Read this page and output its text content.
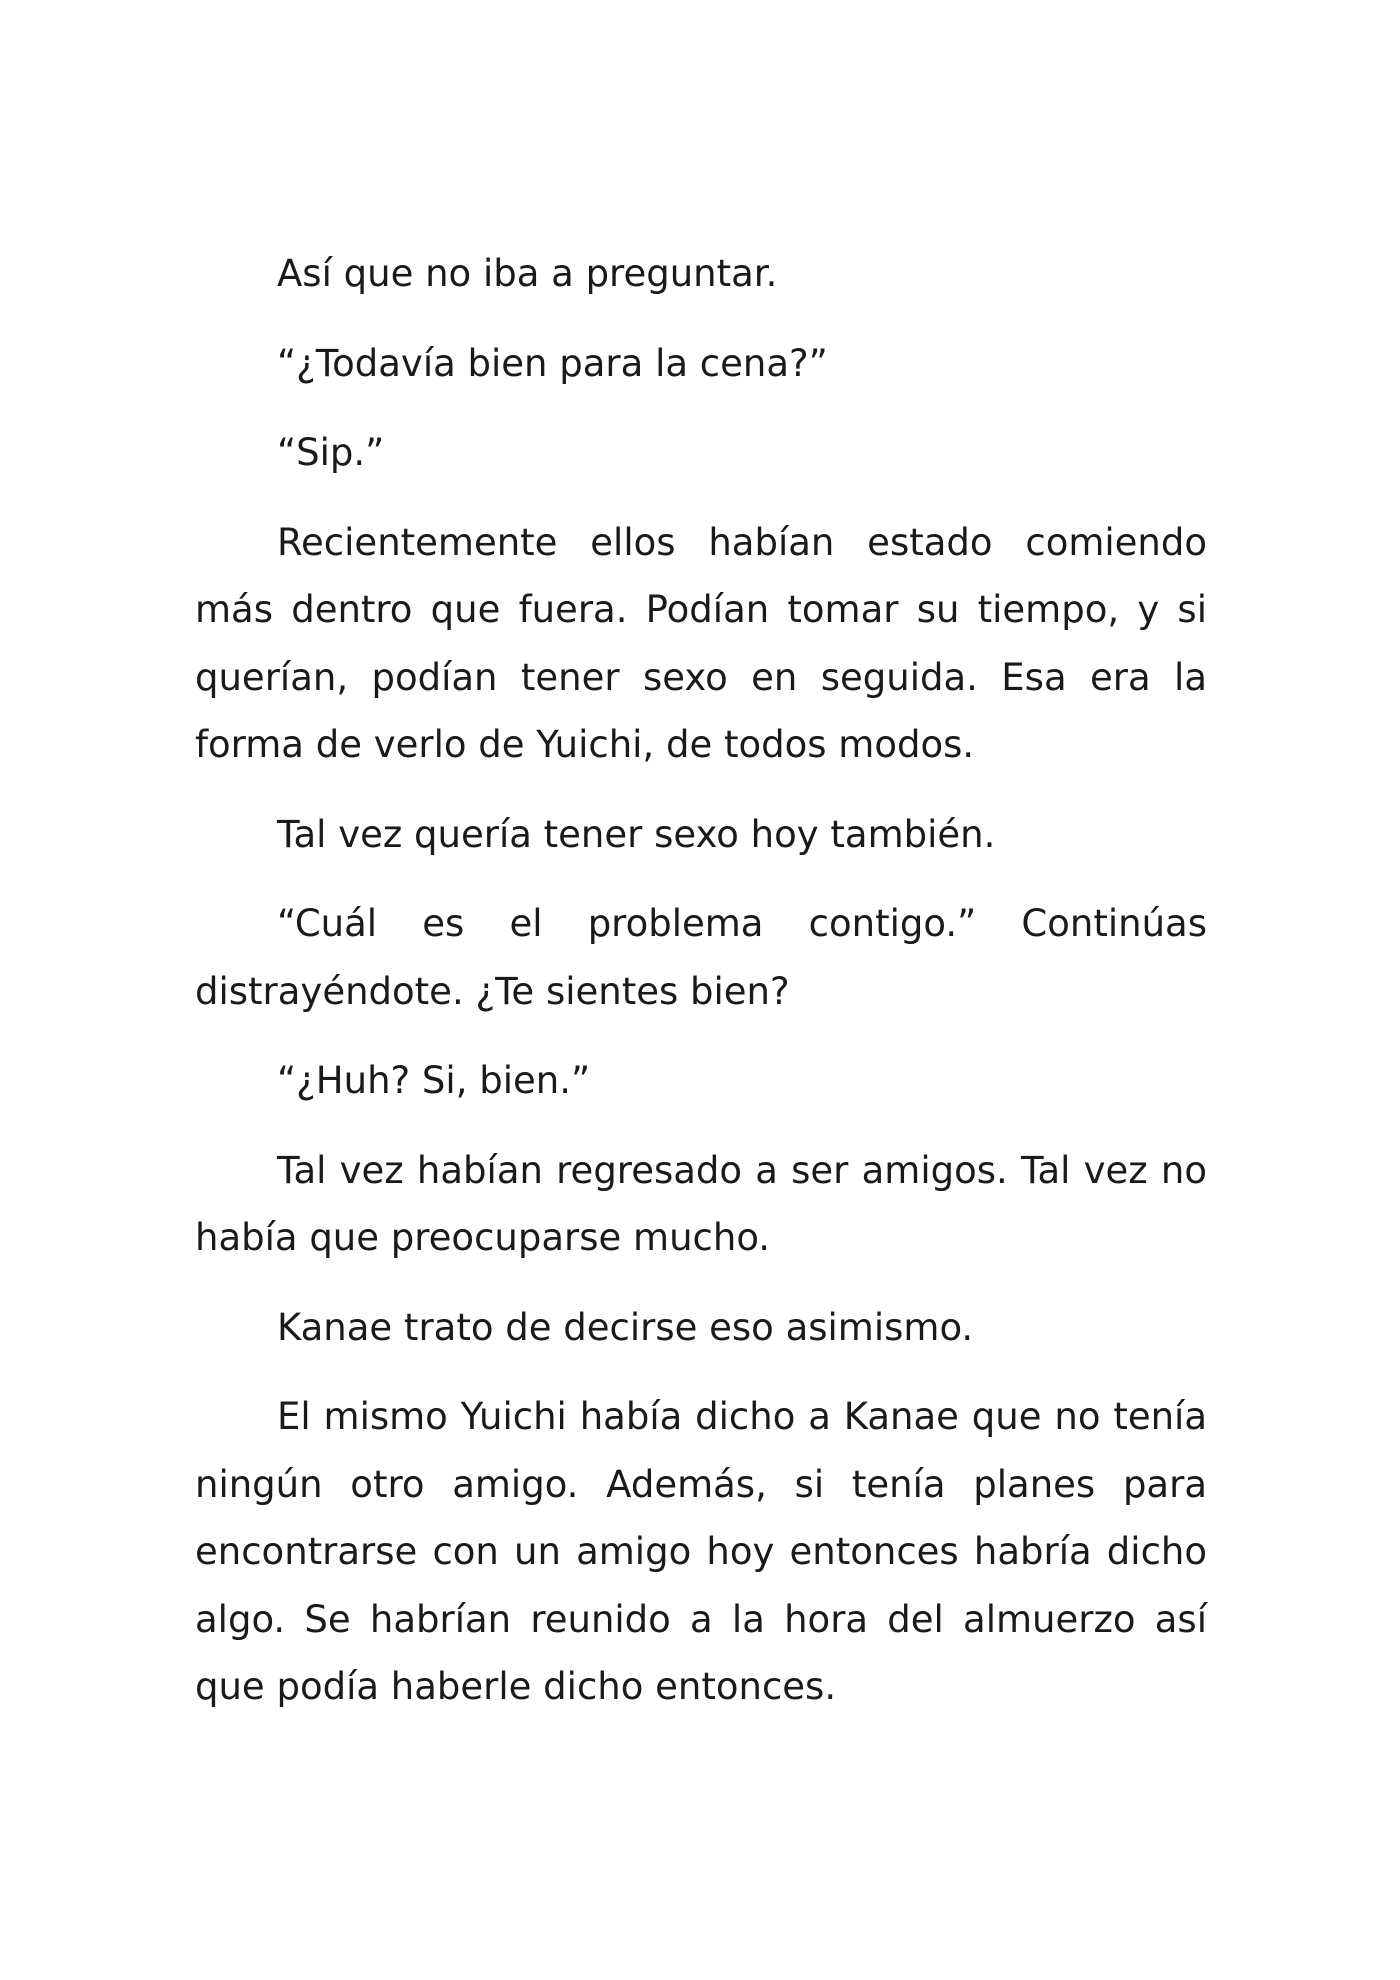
Así que no iba a preguntar.

“¿Todavía bien para la cena?”

“Sip.”

Recientemente ellos habían estado comiendo más dentro que fuera. Podían tomar su tiempo, y si querían, podían tener sexo en seguida. Esa era la forma de verlo de Yuichi, de todos modos.

Tal vez quería tener sexo hoy también.

“Cuál es el problema contigo.” Continúas distrayéndote. ¿Te sientes bien?

“¿Huh? Si, bien.”

Tal vez habían regresado a ser amigos. Tal vez no había que preocuparse mucho.

Kanae trato de decirse eso asimismo.

El mismo Yuichi había dicho a Kanae que no tenía ningún otro amigo. Además, si tenía planes para encontrarse con un amigo hoy entonces habría dicho algo. Se habrían reunido a la hora del almuerzo así que podía haberle dicho entonces.
